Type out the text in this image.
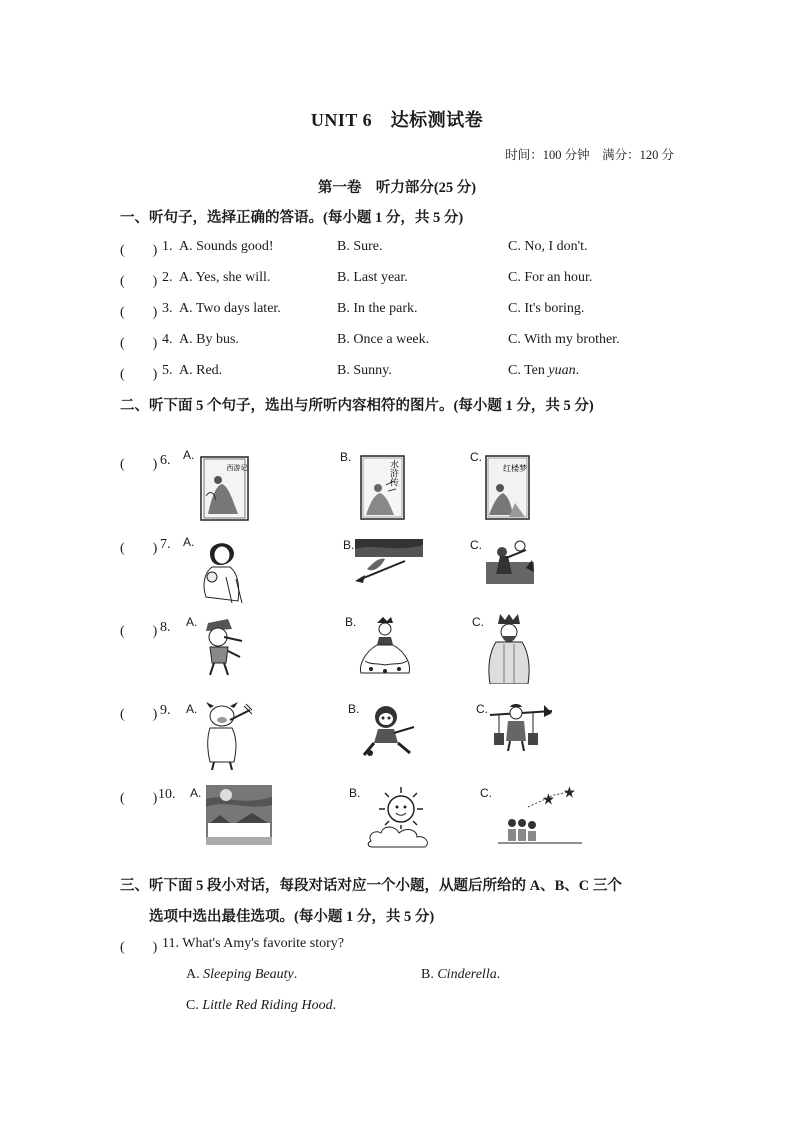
UNIT 6　达标测试卷
时间：100 分钟　满分：120 分
第一卷　听力部分(25 分)
一、听句子，选择正确的答语。(每小题 1 分，共 5 分)
(　　) 1. A. Sounds good!	B. Sure.	C. No, I don't.
(　　) 2. A. Yes, she will.	B. Last year.	C. For an hour.
(　　) 3. A. Two days later.	B. In the park.	C. It's boring.
(　　) 4. A. By bus.	B. Once a week.	C. With my brother.
(　　) 5. A. Red.	B. Sunny.	C. Ten yuan.
二、听下面 5 个句子，选出与所听内容相符的图片。(每小题 1 分，共 5 分)
(　　) 6. A.	B.	C.
西游记	水浒传	红楼梦
(　　) 7. A.	B.	C.
(　　) 8. A.	B.	C.
(　　) 9. A.	B.	C.
(　　) 10. A.	B.	C.
三、听下面 5 段小对话，每段对话对应一个小题，从题后所给的 A、B、C 三个
选项中选出最佳选项。(每小题 1 分，共 5 分)
(　　) 11. What's Amy's favorite story?
A. Sleeping Beauty.	B. Cinderella.
C. Little Red Riding Hood.
